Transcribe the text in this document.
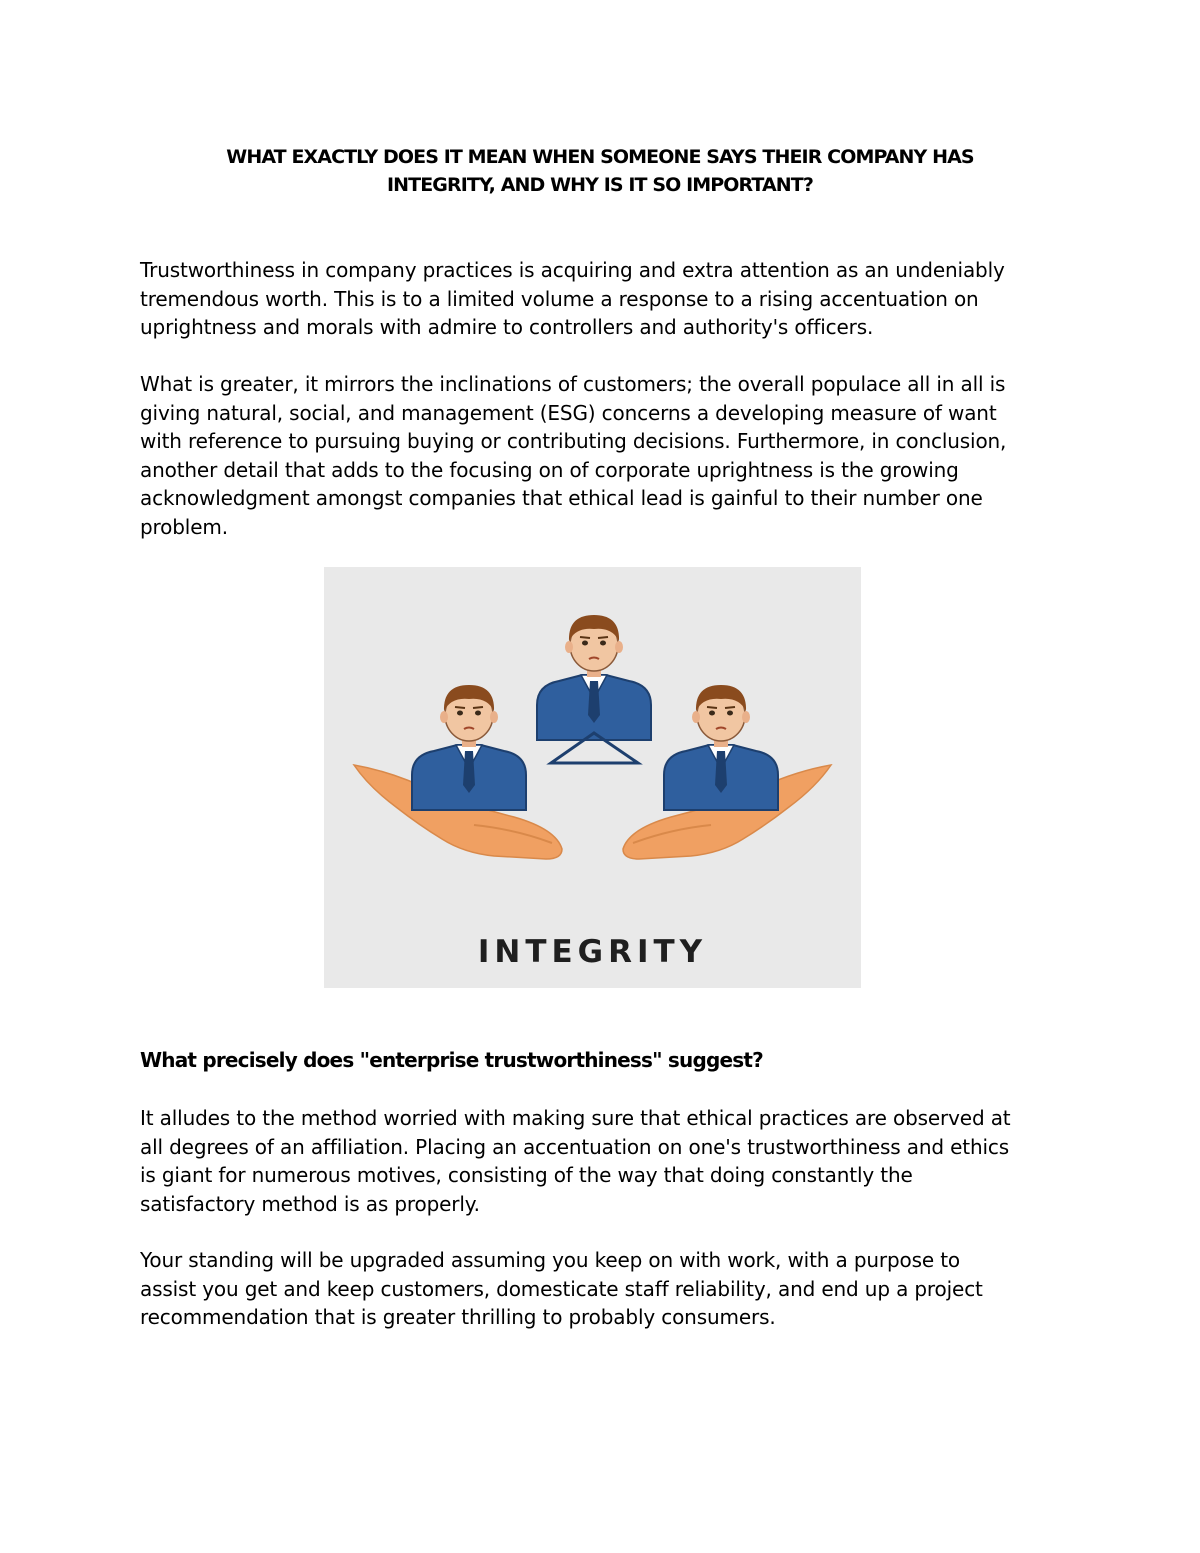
WHAT EXACTLY DOES IT MEAN WHEN SOMEONE SAYS THEIR COMPANY HAS
INTEGRITY, AND WHY IS IT SO IMPORTANT?

Trustworthiness in company practices is acquiring and extra attention as an undeniably
tremendous worth. This is to a limited volume a response to a rising accentuation on
uprightness and morals with admire to controllers and authority's officers.

What is greater, it mirrors the inclinations of customers; the overall populace all in all is
giving natural, social, and management (ESG) concerns a developing measure of want
with reference to pursuing buying or contributing decisions. Furthermore, in conclusion,
another detail that adds to the focusing on of corporate uprightness is the growing
acknowledgment amongst companies that ethical lead is gainful to their number one
problem.

INTEGRITY

What precisely does "enterprise trustworthiness" suggest?

It alludes to the method worried with making sure that ethical practices are observed at
all degrees of an affiliation. Placing an accentuation on one's trustworthiness and ethics
is giant for numerous motives, consisting of the way that doing constantly the
satisfactory method is as properly.

Your standing will be upgraded assuming you keep on with work, with a purpose to
assist you get and keep customers, domesticate staff reliability, and end up a project
recommendation that is greater thrilling to probably consumers.
